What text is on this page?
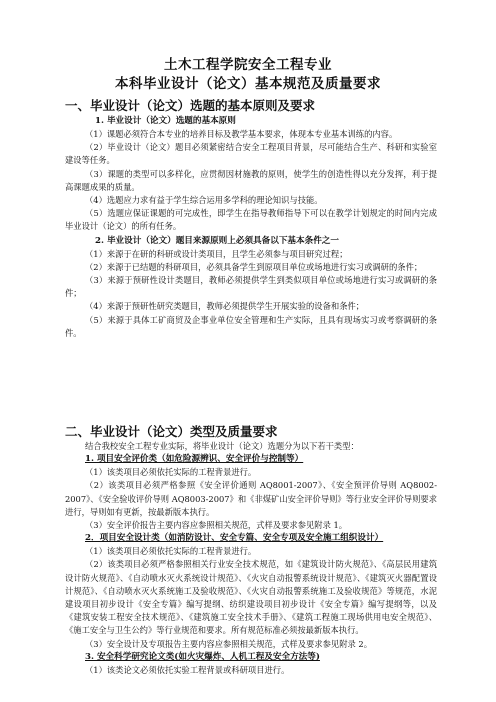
土木工程学院安全工程专业
本科毕业设计（论文）基本规范及质量要求
一、毕业设计（论文）选题的基本原则及要求
1. 毕业设计（论文）选题的基本原则
（1）课题必须符合本专业的培养目标及教学基本要求，体现本专业基本训练的内容。
（2）毕业设计（论文）题目必须紧密结合安全工程项目背景，尽可能结合生产、科研和实验室建设等任务。
（3）课题的类型可以多样化，应贯彻因材施教的原则，使学生的创造性得以充分发挥，利于提高课题成果的质量。
（4）选题应力求有益于学生综合运用多学科的理论知识与技能。
（5）选题应保证课题的可完成性，即学生在指导教师指导下可以在教学计划规定的时间内完成毕业设计（论文）的所有任务。
2. 毕业设计（论文）题目来源原则上必须具备以下基本条件之一
（1）来源于在研的科研或设计类项目，且学生必须参与项目研究过程；
（2）来源于已结题的科研项目，必须具备学生到原项目单位或场地进行实习或调研的条件；
（3）来源于预研性设计类题目，教师必须提供学生到类似项目单位或场地进行实习或调研的条件；
（4）来源于预研性研究类题目，教师必须提供学生开展实验的设备和条件；
（5）来源于具体工矿商贸及企事业单位安全管理和生产实际，且具有现场实习或考察调研的条件。
二、毕业设计（论文）类型及质量要求
结合我校安全工程专业实际，将毕业设计（论文）选题分为以下若干类型：
1. 项目安全评价类（如危险源辨识、安全评价与控制等）
（1）该类项目必须依托实际的工程背景进行。
（2）该类项目必须严格参照《安全评价通则 AQ8001-2007》、《安全预评价导则 AQ8002-2007》、《安全验收评价导则 AQ8003-2007》和《非煤矿山安全评价导则》等行业安全评价导则要求进行，导则如有更新，按最新版本执行。
（3）安全评价报告主要内容应参照相关规范，式样及要求参见附录 1。
2．项目安全设计类（如消防设计、安全专篇、安全专项及安全施工组织设计）
（1）该类项目必须依托实际的工程背景进行。
（2）该类项目必须严格参照相关行业安全技术规范，如《建筑设计防火规范》、《高层民用建筑设计防火规范》、《自动喷水灭火系统设计规范》、《火灾自动报警系统设计规范》、《建筑灭火器配置设计规范》、《自动喷水灭火系统施工及验收规范》、《火灾自动报警系统施工及验收规范》等规范，水泥建设项目初步设计《安全专篇》编写提纲、纺织建设项目初步设计《安全专篇》编写提纲等，以及《建筑安装工程安全技术规范》、《建筑施工安全技术手册》、《建筑工程施工现场供用电安全规范》、《施工安全与卫生公约》等行业规范和要求。所有规范标准必须按最新版本执行。
（3）安全设计及专项报告主要内容应参照相关规范，式样及要求参见附录 2。
3. 安全科学研究论文类(如火灾爆炸、人机工程及安全方法等)
（1）该类论文必须依托实验工程背景或科研项目进行。
